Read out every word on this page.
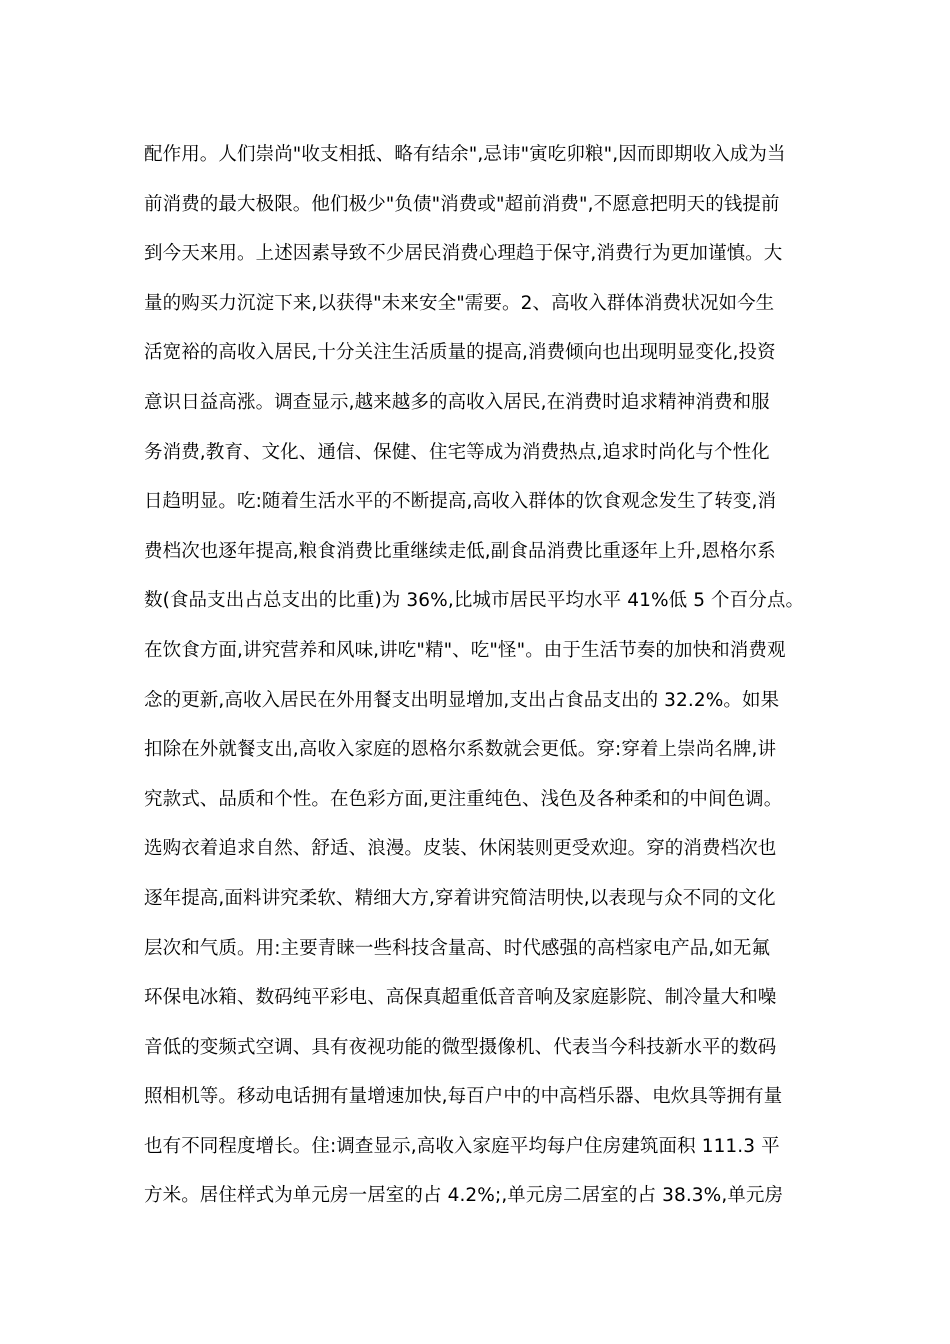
配作用。人们崇尚"收支相抵、略有结余",忌讳"寅吃卯粮",因而即期收入成为当
前消费的最大极限。他们极少"负债"消费或"超前消费",不愿意把明天的钱提前
到今天来用。上述因素导致不少居民消费心理趋于保守,消费行为更加谨慎。大
量的购买力沉淀下来,以获得"未来安全"需要。2、高收入群体消费状况如今生
活宽裕的高收入居民,十分关注生活质量的提高,消费倾向也出现明显变化,投资
意识日益高涨。调查显示,越来越多的高收入居民,在消费时追求精神消费和服
务消费,教育、文化、通信、保健、住宅等成为消费热点,追求时尚化与个性化
日趋明显。吃:随着生活水平的不断提高,高收入群体的饮食观念发生了转变,消
费档次也逐年提高,粮食消费比重继续走低,副食品消费比重逐年上升,恩格尔系
数(食品支出占总支出的比重)为 36%,比城市居民平均水平 41%低 5 个百分点。
在饮食方面,讲究营养和风味,讲吃"精"、吃"怪"。由于生活节奏的加快和消费观
念的更新,高收入居民在外用餐支出明显增加,支出占食品支出的 32.2%。如果
扣除在外就餐支出,高收入家庭的恩格尔系数就会更低。穿:穿着上崇尚名牌,讲
究款式、品质和个性。在色彩方面,更注重纯色、浅色及各种柔和的中间色调。
选购衣着追求自然、舒适、浪漫。皮装、休闲装则更受欢迎。穿的消费档次也
逐年提高,面料讲究柔软、精细大方,穿着讲究简洁明快,以表现与众不同的文化
层次和气质。用:主要青睐一些科技含量高、时代感强的高档家电产品,如无氟
环保电冰箱、数码纯平彩电、高保真超重低音音响及家庭影院、制冷量大和噪
音低的变频式空调、具有夜视功能的微型摄像机、代表当今科技新水平的数码
照相机等。移动电话拥有量增速加快,每百户中的中高档乐器、电炊具等拥有量
也有不同程度增长。住:调查显示,高收入家庭平均每户住房建筑面积 111.3 平
方米。居住样式为单元房一居室的占 4.2%;,单元房二居室的占 38.3%,单元房
